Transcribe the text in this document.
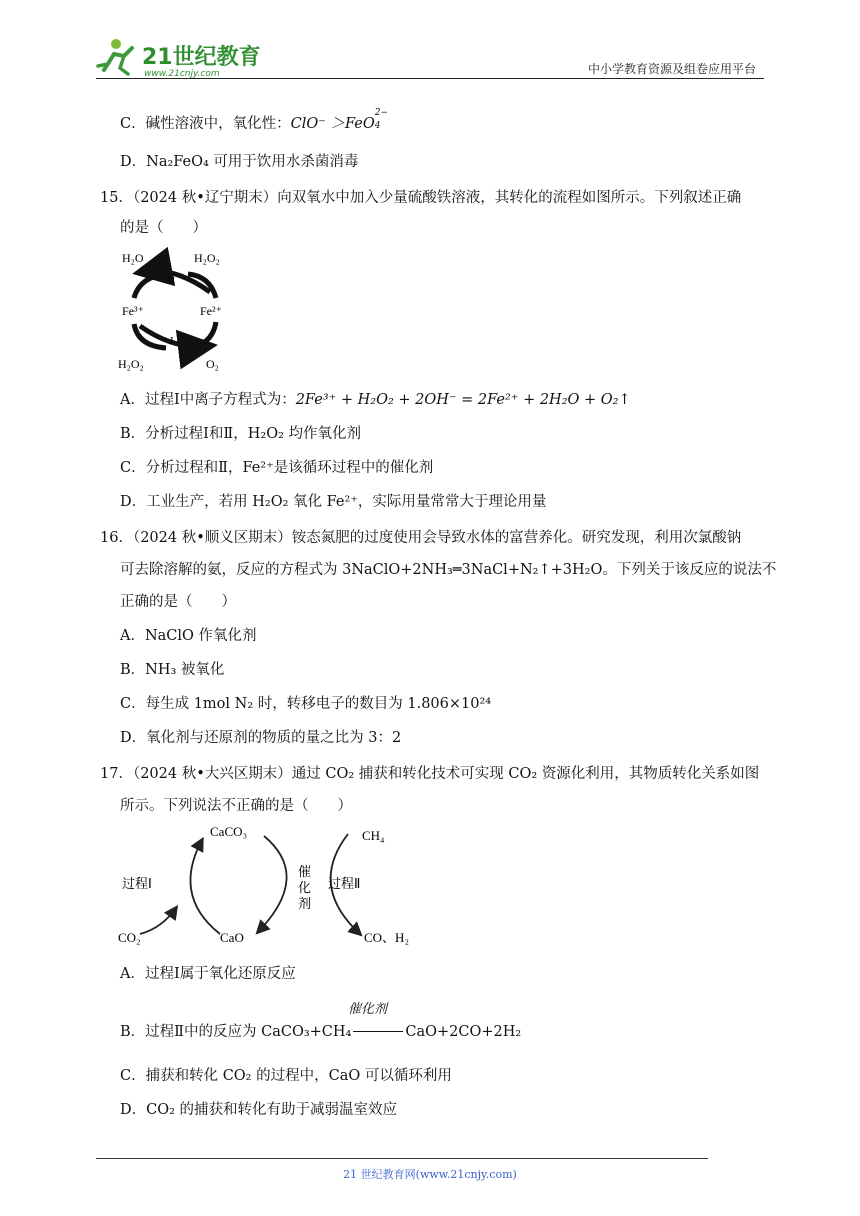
21世纪教育
www.21cnjy.com	中小学教育资源及组卷应用平台
C．碱性溶液中，氧化性：ClO⁻ ＞FeO
2−
4
D．Na₂FeO₄ 可用于饮用水杀菌消毒
15．（2024 秋•辽宁期末）向双氧水中加入少量硫酸铁溶液，其转化的流程如图所示。下列叙述正确
的是（　　）
H₂O	H₂O₂
II
Fe³⁺	Fe²⁺
I
H₂O₂	O₂
A．过程Ⅰ中离子方程式为：2Fe³⁺ + H₂O₂ + 2OH⁻ = 2Fe²⁺ + 2H₂O + O₂↑
B．分析过程Ⅰ和Ⅱ，H₂O₂ 均作氧化剂
C．分析过程和Ⅱ，Fe²⁺是该循环过程中的催化剂
D．工业生产，若用 H₂O₂ 氧化 Fe²⁺，实际用量常常大于理论用量
16．（2024 秋•顺义区期末）铵态氮肥的过度使用会导致水体的富营养化。研究发现，利用次氯酸钠
可去除溶解的氨，反应的方程式为 3NaClO+2NH₃═3NaCl+N₂↑+3H₂O。下列关于该反应的说法不
正确的是（　　）
A．NaClO 作氧化剂
B．NH₃ 被氧化
C．每生成 1mol N₂ 时，转移电子的数目为 1.806×10²⁴
D．氧化剂与还原剂的物质的量之比为 3：2
17．（2024 秋•大兴区期末）通过 CO₂ 捕获和转化技术可实现 CO₂ 资源化利用，其物质转化关系如图
所示。下列说法不正确的是（　　）
CaCO₃	CH₄
过程Ⅰ	过程Ⅱ
催
化
剂
CO₂	CaO	CO、H₂
A．过程Ⅰ属于氧化还原反应
催化剂
B．过程Ⅱ中的反应为 CaCO₃+CH₄	CaO+2CO+2H₂
C．捕获和转化 CO₂ 的过程中，CaO 可以循环利用
D．CO₂ 的捕获和转化有助于减弱温室效应
21 世纪教育网(www.21cnjy.com)
